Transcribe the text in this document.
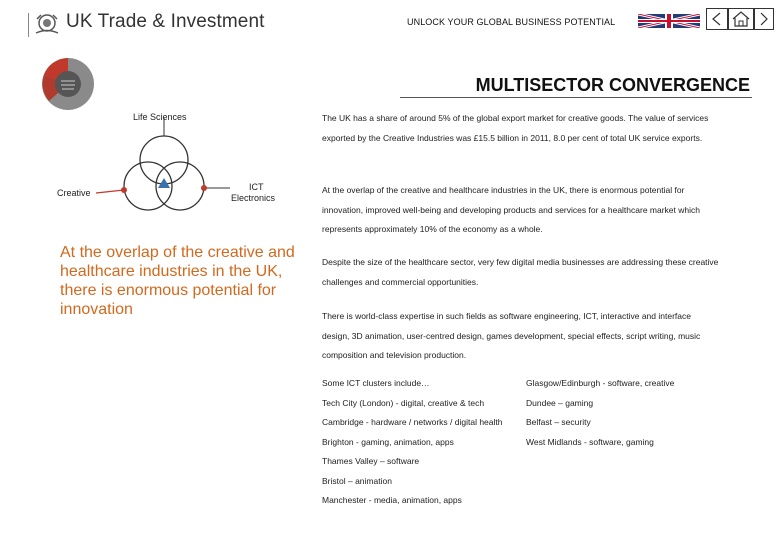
UK Trade & Investment	UNLOCK YOUR GLOBAL BUSINESS POTENTIAL
MULTISECTOR CONVERGENCE
Life Sciences
Creative
ICT
Electronics
At the overlap of the creative and healthcare industries in the UK, there is enormous potential for innovation
The UK has a share of around 5% of the global export market for creative goods. The value of services exported by the Creative Industries was £15.5 billion in 2011, 8.0 per cent of total UK service exports.
At the overlap of the creative and healthcare industries in the UK, there is enormous potential for innovation, improved well-being and developing products and services for a healthcare market which represents approximately 10% of the economy as a whole.
Despite the size of the healthcare sector, very few digital media businesses are addressing these creative challenges and commercial opportunities.
There is world-class expertise in such fields as software engineering, ICT, interactive and interface design, 3D animation, user-centred design, games development, special effects, script writing, music composition and television production.
Some ICT clusters include…
Tech City (London) - digital, creative & tech
Cambridge - hardware / networks / digital health
Brighton - gaming, animation, apps
Thames Valley – software
Bristol – animation
Manchester - media, animation, apps
Glasgow/Edinburgh - software, creative
Dundee – gaming
Belfast – security
West Midlands - software, gaming
